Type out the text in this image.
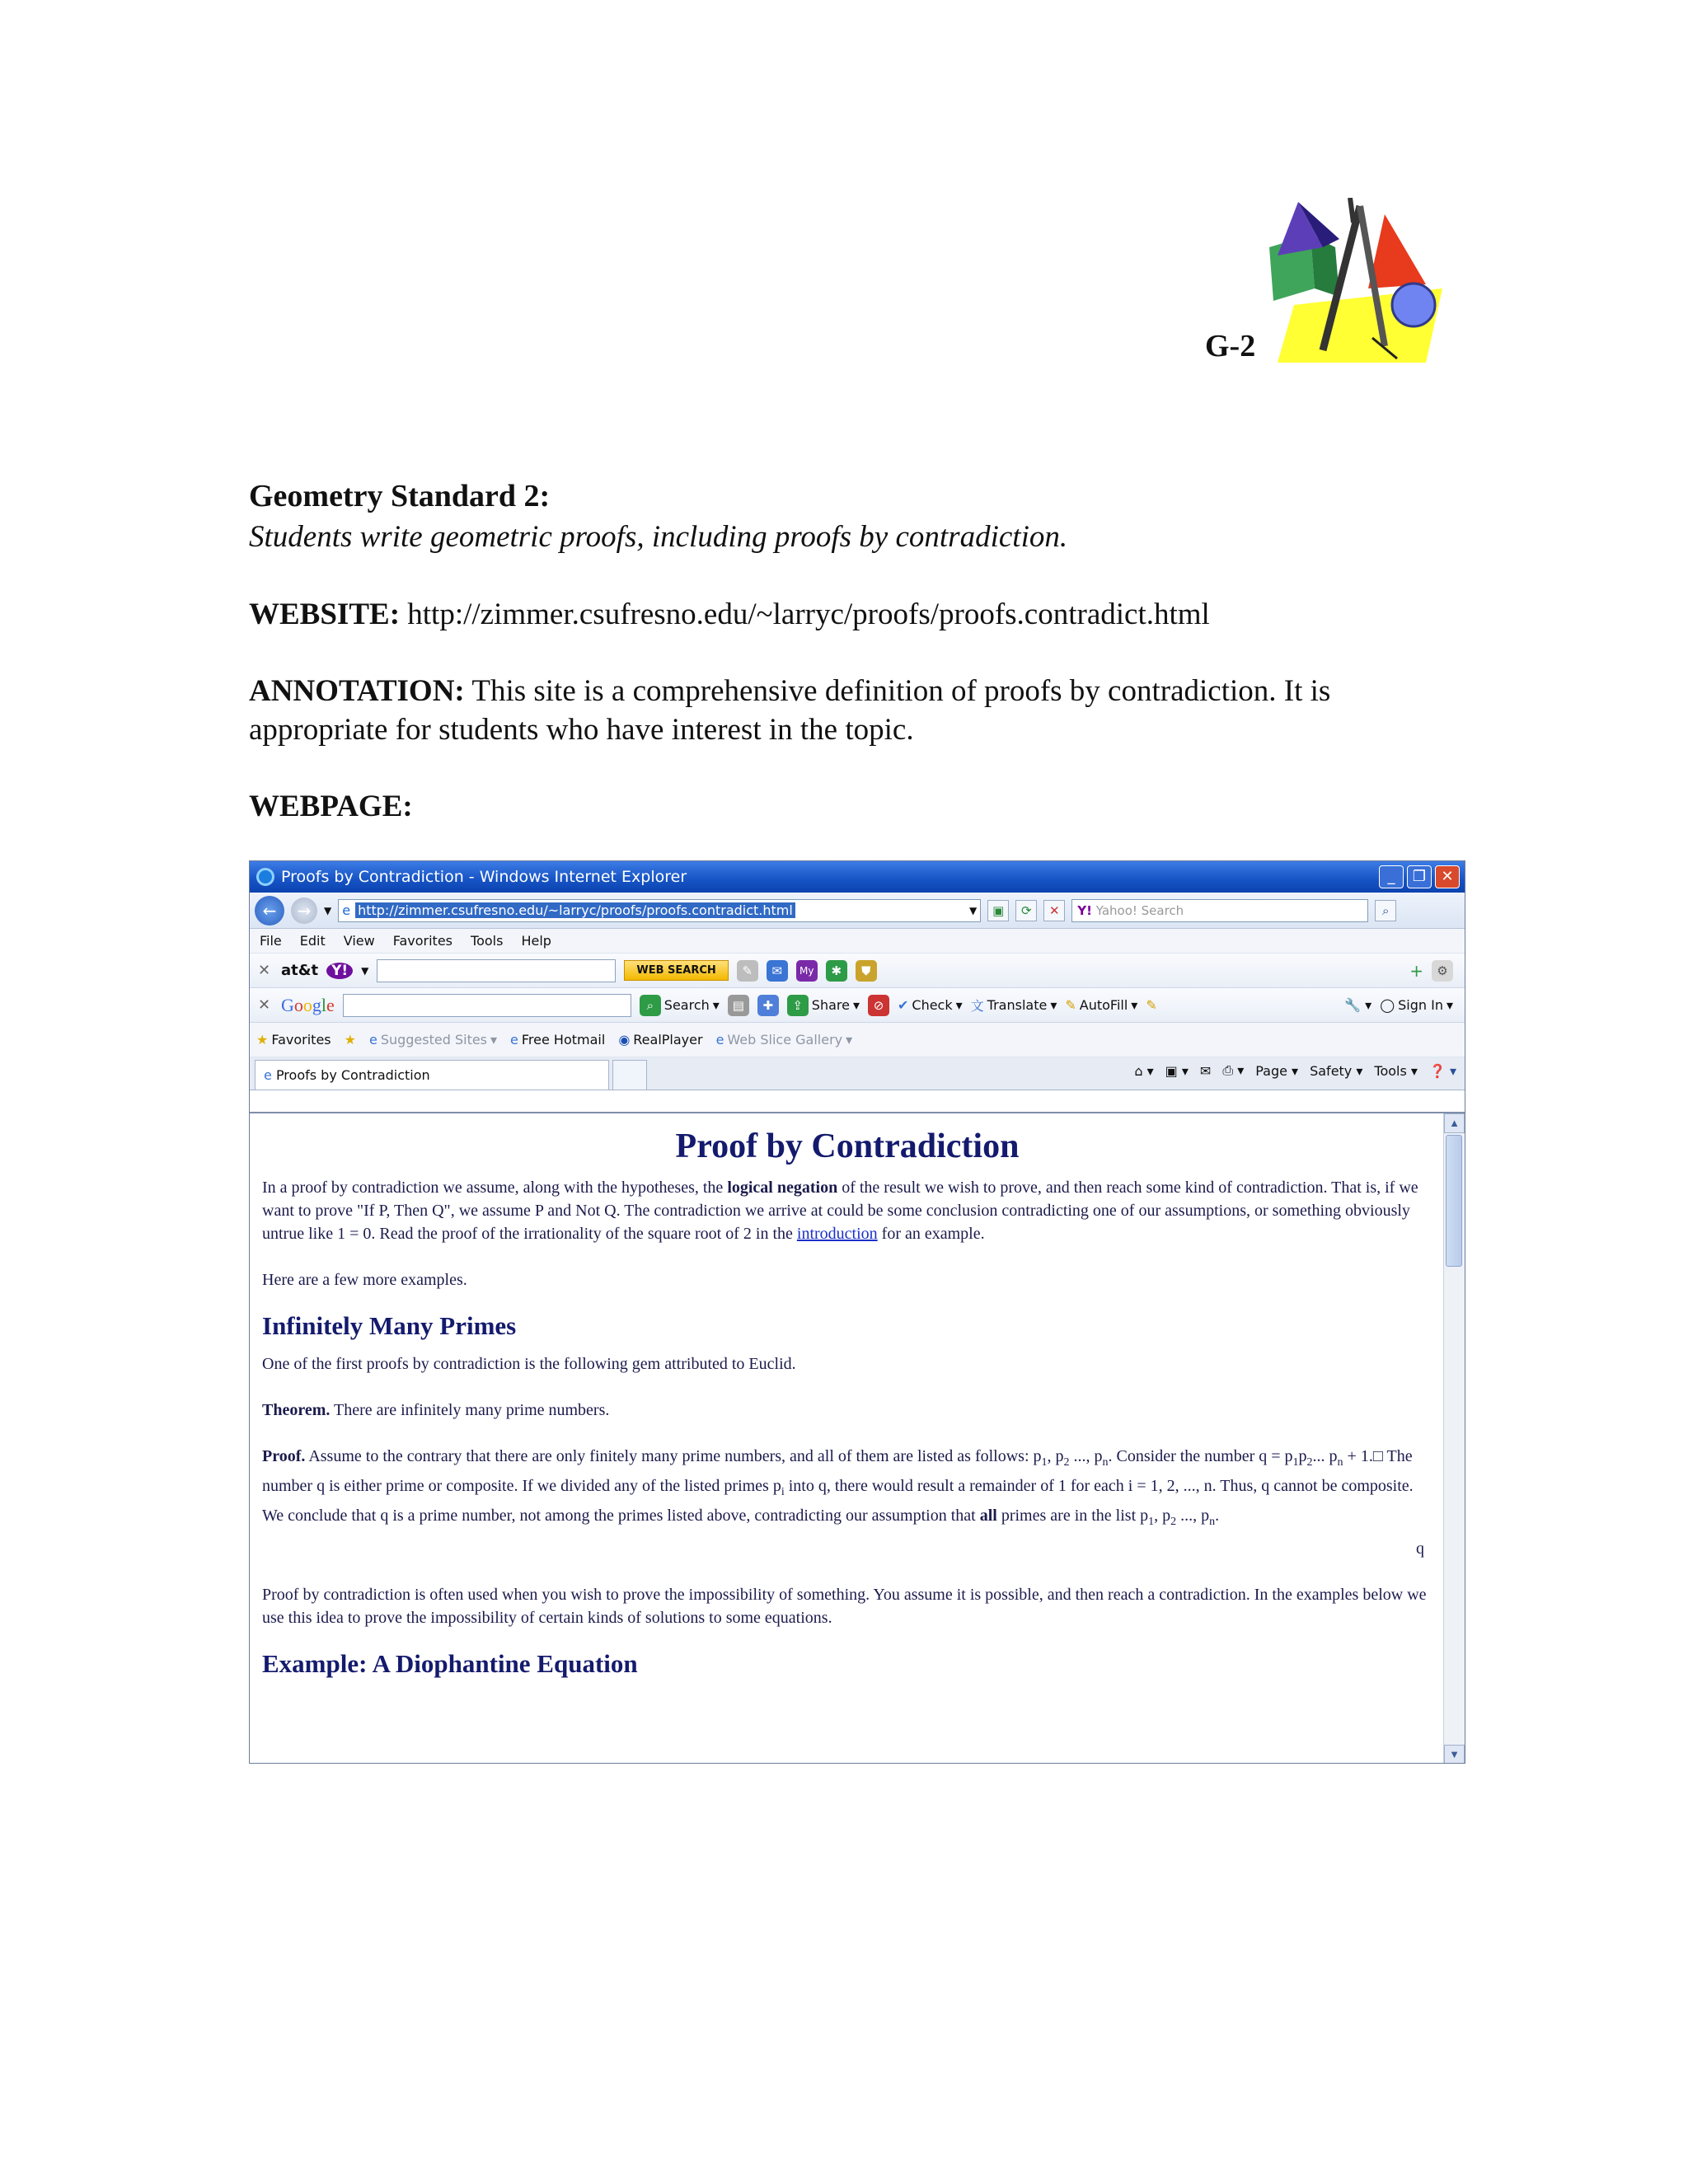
G-2
Geometry Standard 2:
Students write geometric proofs, including proofs by contradiction.
WEBSITE: http://zimmer.csufresno.edu/~larryc/proofs/proofs.contradict.html
ANNOTATION: This site is a comprehensive definition of proofs by contradiction. It is appropriate for students who have interest in the topic.
WEBPAGE:
Proofs by Contradiction - Windows Internet Explorer	_	❐	✕
←	→	▼ e http://zimmer.csufresno.edu/~larryc/proofs/proofs.contradict.html	▼	▣	⟳	✕	Y! Yahoo! Search	⌕
File Edit View Favorites Tools Help
✕ at&t Y!	▼	WEB SEARCH	✎	✉	My	✱	⛊	+	⚙
✕ Google	⌕ Search ▾	▤	✚	⇪ Share ▾	⊘	✔ Check ▾ 文 Translate ▾ ✎ AutoFill ▾ ✎	🔧 ▾ ◯ Sign In ▾
★ Favorites ★ e Suggested Sites ▾ e Free Hotmail ◉ RealPlayer e Web Slice Gallery ▾
e Proofs by Contradiction	⌂ ▾ ▣ ▾ ✉ ⎙ ▾ Page ▾ Safety ▾ Tools ▾ ❓ ▾
Proof by Contradiction

In a proof by contradiction we assume, along with the hypotheses, the logical negation of the result we wish to prove, and then reach some kind of contradiction. That is, if we want to prove "If P, Then Q", we assume P and Not Q. The contradiction we arrive at could be some conclusion contradicting one of our assumptions, or something obviously untrue like 1 = 0. Read the proof of the irrationality of the square root of 2 in the introduction for an example.

Here are a few more examples.

Infinitely Many Primes

One of the first proofs by contradiction is the following gem attributed to Euclid.

Theorem. There are infinitely many prime numbers.

Proof. Assume to the contrary that there are only finitely many prime numbers, and all of them are listed as follows: $p_1$, $p_2$ ..., $p_n$. Consider the number $q = p_1p_2$... $p_n$ + 1.□ The number q is either prime or composite. If we divided any of the listed primes $p_i$ into q, there would result a remainder of 1 for each i = 1, 2, ..., n. Thus, q cannot be composite. We conclude that q is a prime number, not among the primes listed above, contradicting our assumption that all primes are in the list $p_1$, $p_2$ ..., $p_n$.

q

Proof by contradiction is often used when you wish to prove the impossibility of something. You assume it is possible, and then reach a contradiction. In the examples below we use this idea to prove the impossibility of certain kinds of solutions to some equations.

Example: A Diophantine Equation
▲
▼
